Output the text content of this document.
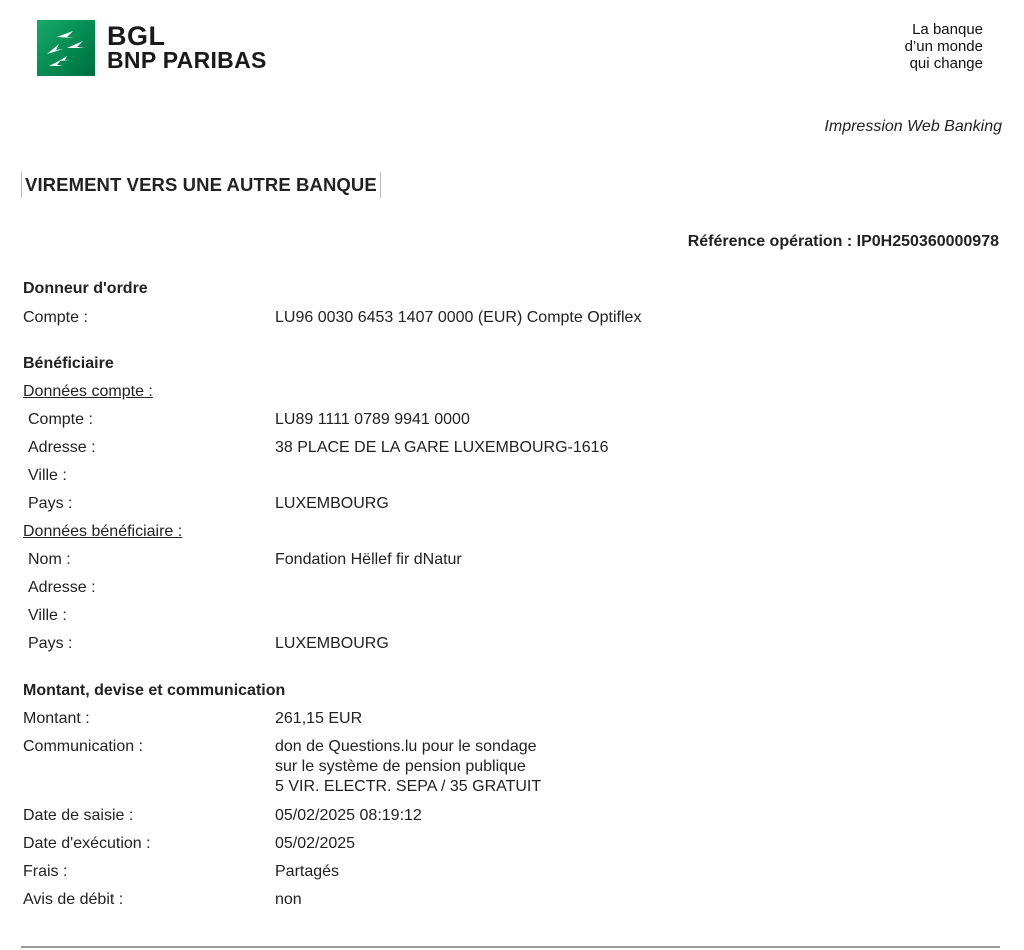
BGL
BNP PARIBAS
La banque
d’un monde
qui change
Impression Web Banking
VIREMENT VERS UNE AUTRE BANQUE
Référence opération : IP0H250360000978
Donneur d'ordre
Compte :	LU96 0030 6453 1407 0000 (EUR) Compte Optiflex
Bénéficiaire
Données compte :
Compte :	LU89 1111 0789 9941 0000
Adresse :	38 PLACE DE LA GARE LUXEMBOURG-1616
Ville :
Pays :	LUXEMBOURG
Données bénéficiaire :
Nom :	Fondation Hëllef fir dNatur
Adresse :
Ville :
Pays :	LUXEMBOURG
Montant, devise et communication
Montant :	261,15 EUR
Communication :	don de Questions.lu pour le sondage
sur le système de pension publique
5 VIR. ELECTR. SEPA / 35 GRATUIT
Date de saisie :	05/02/2025 08:19:12
Date d'exécution :	05/02/2025
Frais :	Partagés
Avis de débit :	non
